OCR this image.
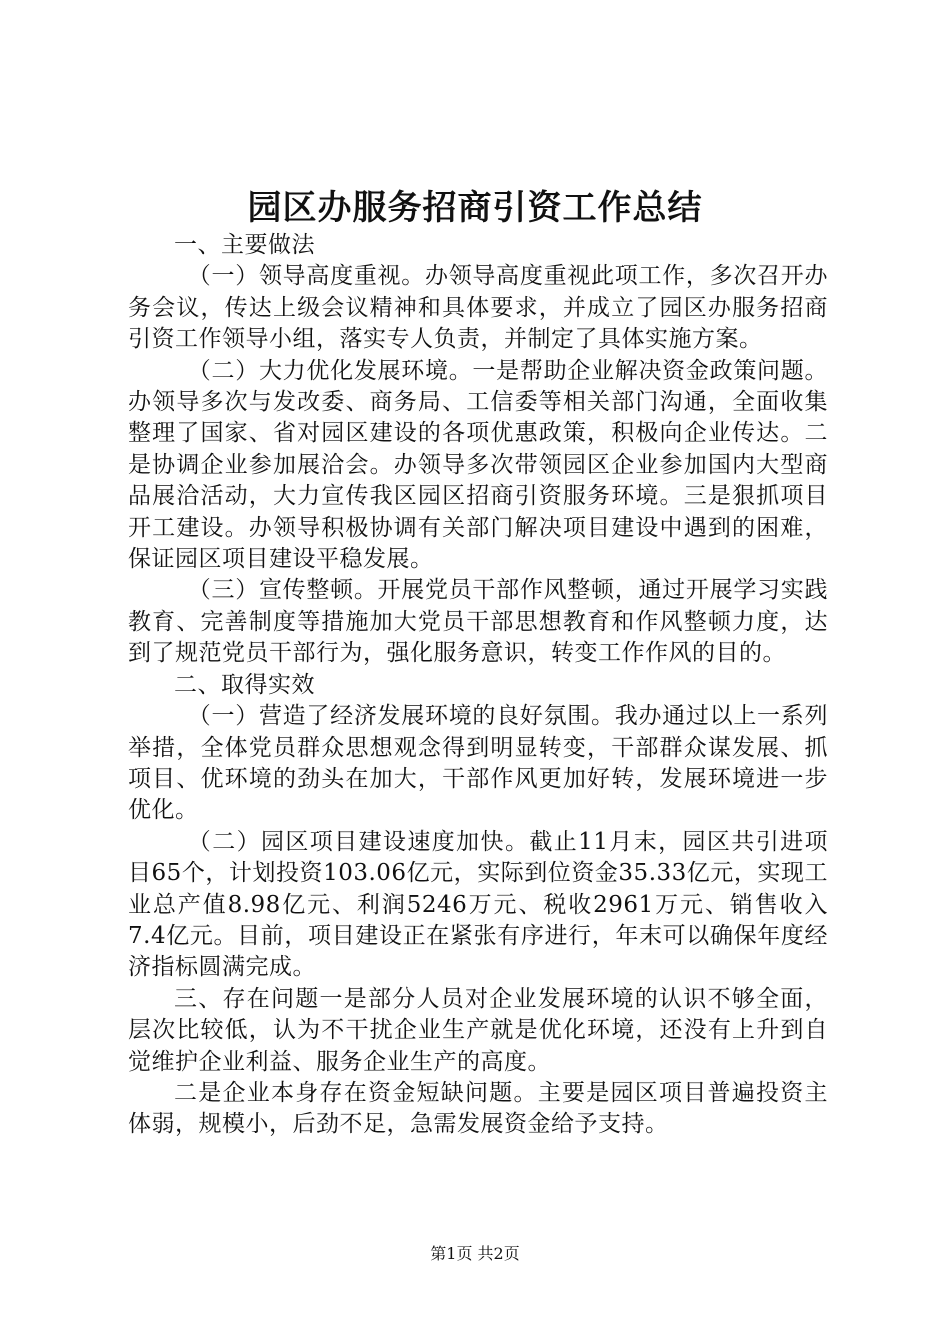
园区办服务招商引资工作总结

一、主要做法

（一）领导高度重视。办领导高度重视此项工作，多次召开办务会议，传达上级会议精神和具体要求，并成立了园区办服务招商引资工作领导小组，落实专人负责，并制定了具体实施方案。

（二）大力优化发展环境。一是帮助企业解决资金政策问题。办领导多次与发改委、商务局、工信委等相关部门沟通，全面收集整理了国家、省对园区建设的各项优惠政策，积极向企业传达。二是协调企业参加展洽会。办领导多次带领园区企业参加国内大型商品展洽活动，大力宣传我区园区招商引资服务环境。三是狠抓项目开工建设。办领导积极协调有关部门解决项目建设中遇到的困难，保证园区项目建设平稳发展。

（三）宣传整顿。开展党员干部作风整顿，通过开展学习实践教育、完善制度等措施加大党员干部思想教育和作风整顿力度，达到了规范党员干部行为，强化服务意识，转变工作作风的目的。

二、取得实效

（一）营造了经济发展环境的良好氛围。我办通过以上一系列举措，全体党员群众思想观念得到明显转变，干部群众谋发展、抓项目、优环境的劲头在加大，干部作风更加好转，发展环境进一步优化。

（二）园区项目建设速度加快。截止11月末，园区共引进项目65个，计划投资103.06亿元，实际到位资金35.33亿元，实现工业总产值8.98亿元、利润5246万元、税收2961万元、销售收入7.4亿元。目前，项目建设正在紧张有序进行，年末可以确保年度经济指标圆满完成。

三、存在问题一是部分人员对企业发展环境的认识不够全面，层次比较低，认为不干扰企业生产就是优化环境，还没有上升到自觉维护企业利益、服务企业生产的高度。

二是企业本身存在资金短缺问题。主要是园区项目普遍投资主体弱，规模小，后劲不足，急需发展资金给予支持。

第1页 共2页
